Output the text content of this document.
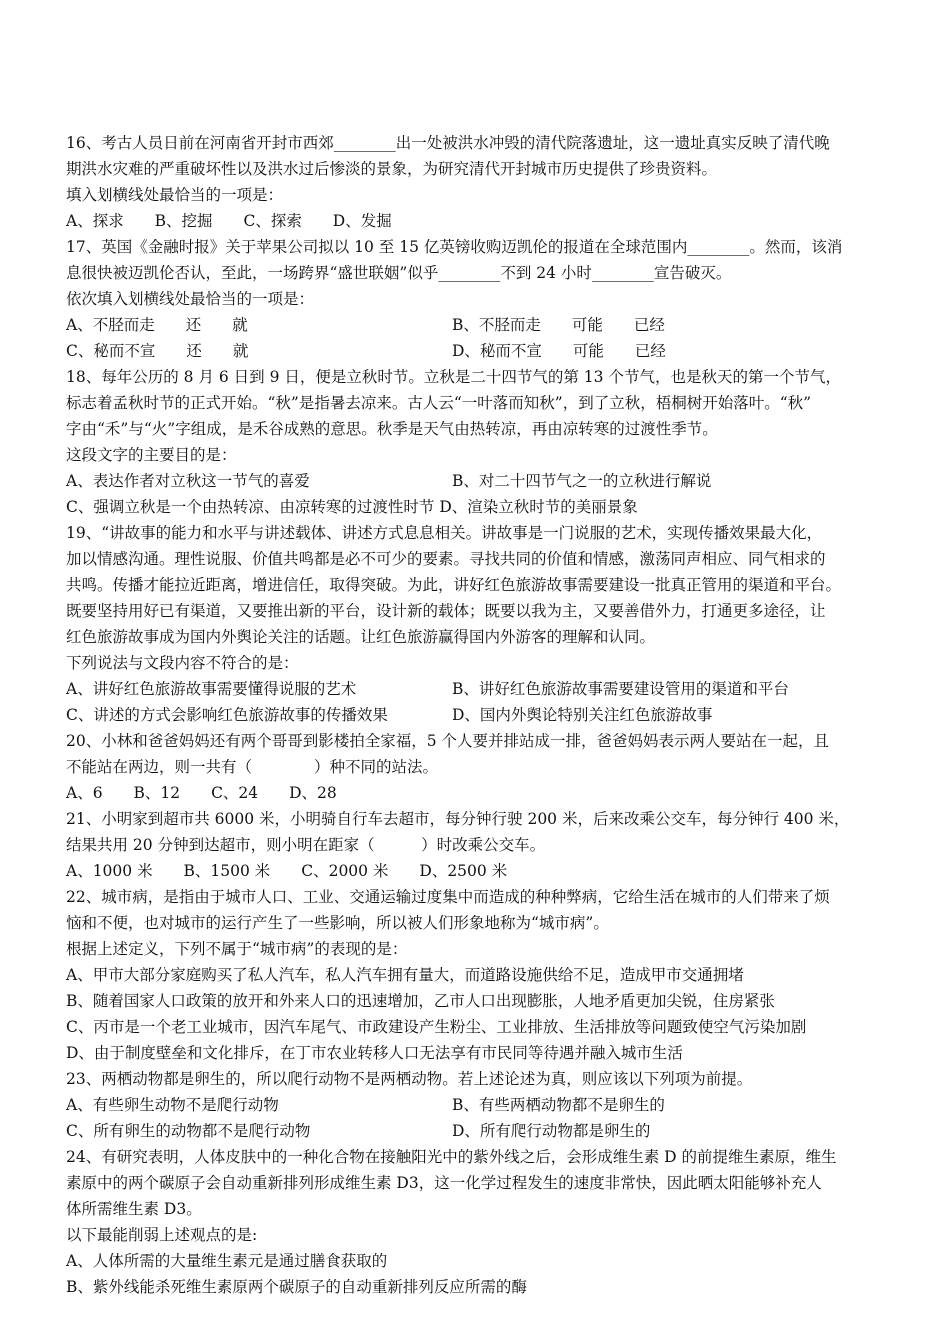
16、考古人员日前在河南省开封市西郊________出一处被洪水冲毁的清代院落遗址，这一遗址真实反映了清代晚
期洪水灾难的严重破坏性以及洪水过后惨淡的景象，为研究清代开封城市历史提供了珍贵资料。
填入划横线处最恰当的一项是：
A、探求 B、挖掘 C、探索 D、发掘
17、英国《金融时报》关于苹果公司拟以 10 至 15 亿英镑收购迈凯伦的报道在全球范围内________。然而，该消
息很快被迈凯伦否认，至此，一场跨界“盛世联姻”似乎________不到 24 小时________宣告破灭。
依次填入划横线处最恰当的一项是：
A、不胫而走　　还　　就	B、不胫而走　　可能　　已经
C、秘而不宣　　还　　就	D、秘而不宣　　可能　　已经
18、每年公历的 8 月 6 日到 9 日，便是立秋时节。立秋是二十四节气的第 13 个节气，也是秋天的第一个节气，
标志着孟秋时节的正式开始。“秋”是指暑去凉来。古人云“一叶落而知秋”，到了立秋，梧桐树开始落叶。“秋”
字由“禾”与“火”字组成，是禾谷成熟的意思。秋季是天气由热转凉，再由凉转寒的过渡性季节。
这段文字的主要目的是：
A、表达作者对立秋这一节气的喜爱	B、对二十四节气之一的立秋进行解说
C、强调立秋是一个由热转凉、由凉转寒的过渡性时节 D、渲染立秋时节的美丽景象
19、“讲故事的能力和水平与讲述载体、讲述方式息息相关。讲故事是一门说服的艺术，实现传播效果最大化，
加以情感沟通。理性说服、价值共鸣都是必不可少的要素。寻找共同的价值和情感，激荡同声相应、同气相求的
共鸣。传播才能拉近距离，增进信任，取得突破。为此，讲好红色旅游故事需要建设一批真正管用的渠道和平台。
既要坚持用好已有渠道，又要推出新的平台，设计新的载体；既要以我为主，又要善借外力，打通更多途径，让
红色旅游故事成为国内外舆论关注的话题。让红色旅游赢得国内外游客的理解和认同。
下列说法与文段内容不符合的是：
A、讲好红色旅游故事需要懂得说服的艺术	B、讲好红色旅游故事需要建设管用的渠道和平台
C、讲述的方式会影响红色旅游故事的传播效果	D、国内外舆论特别关注红色旅游故事
20、小林和爸爸妈妈还有两个哥哥到影楼拍全家福，5 个人要并排站成一排，爸爸妈妈表示两人要站在一起，且
不能站在两边，则一共有（　　　　）种不同的站法。
A、6 B、12 C、24 D、28
21、小明家到超市共 6000 米，小明骑自行车去超市，每分钟行驶 200 米，后来改乘公交车，每分钟行 400 米，
结果共用 20 分钟到达超市，则小明在距家（　　　）时改乘公交车。
A、1000 米 B、1500 米 C、2000 米 D、2500 米
22、城市病，是指由于城市人口、工业、交通运输过度集中而造成的种种弊病，它给生活在城市的人们带来了烦
恼和不便，也对城市的运行产生了一些影响，所以被人们形象地称为“城市病”。
根据上述定义，下列不属于“城市病”的表现的是：
A、甲市大部分家庭购买了私人汽车，私人汽车拥有量大，而道路设施供给不足，造成甲市交通拥堵
B、随着国家人口政策的放开和外来人口的迅速增加，乙市人口出现膨胀，人地矛盾更加尖锐，住房紧张
C、丙市是一个老工业城市，因汽车尾气、市政建设产生粉尘、工业排放、生活排放等问题致使空气污染加剧
D、由于制度壁垒和文化排斥，在丁市农业转移人口无法享有市民同等待遇并融入城市生活
23、两栖动物都是卵生的，所以爬行动物不是两栖动物。若上述论述为真，则应该以下列项为前提。
A、有些卵生动物不是爬行动物	B、有些两栖动物都不是卵生的
C、所有卵生的动物都不是爬行动物	D、所有爬行动物都是卵生的
24、有研究表明，人体皮肤中的一种化合物在接触阳光中的紫外线之后，会形成维生素 D 的前提维生素原，维生
素原中的两个碳原子会自动重新排列形成维生素 D3，这一化学过程发生的速度非常快，因此晒太阳能够补充人
体所需维生素 D3。
以下最能削弱上述观点的是:
A、人体所需的大量维生素元是通过膳食获取的
B、紫外线能杀死维生素原两个碳原子的自动重新排列反应所需的酶
